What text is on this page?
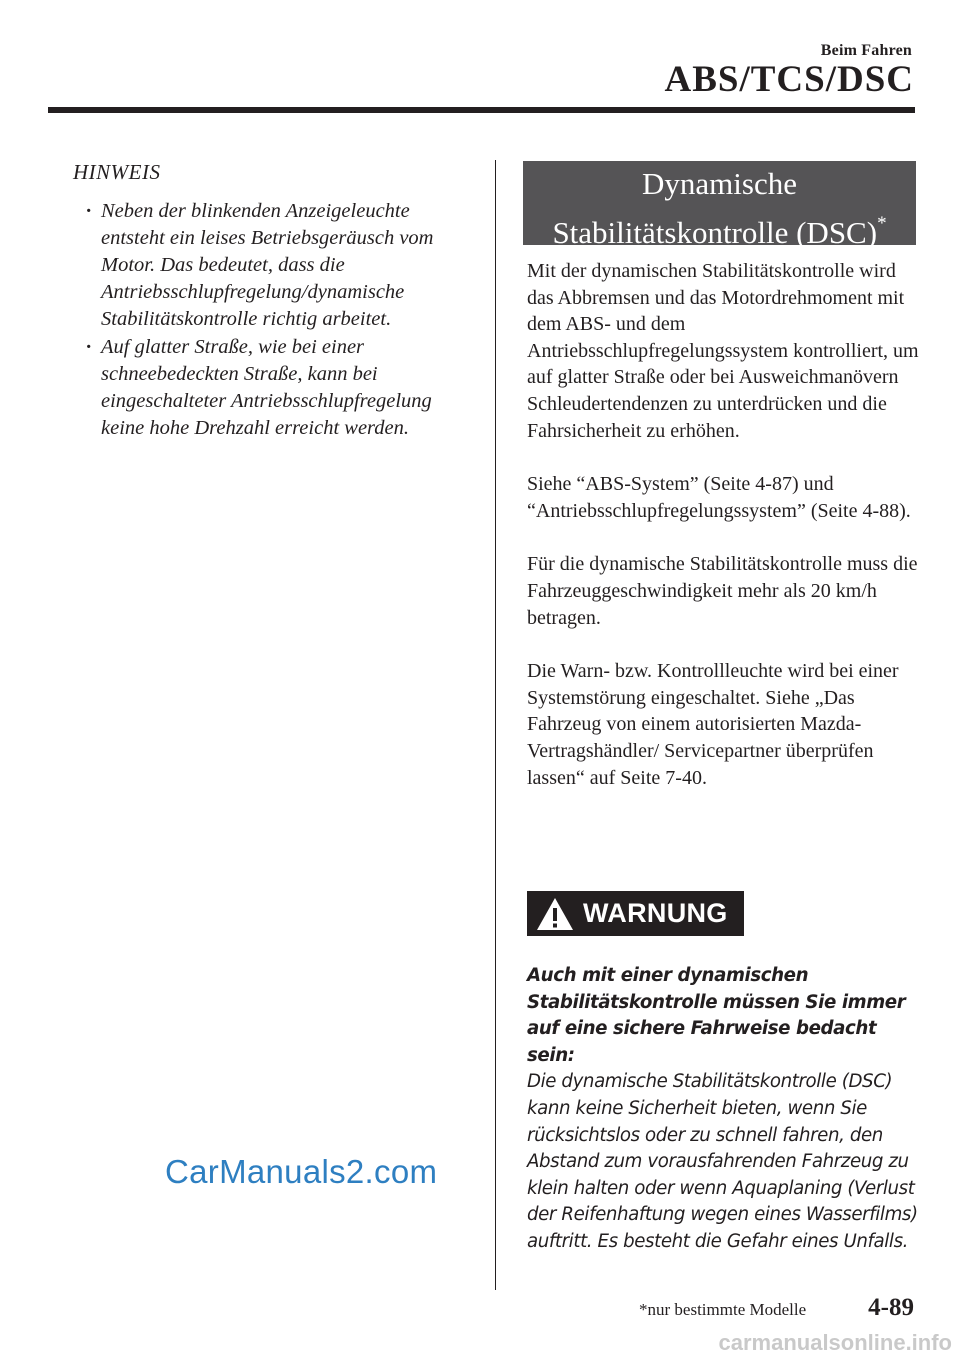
Beim Fahren
ABS/TCS/DSC
HINWEIS
· Neben der blinkenden Anzeigeleuchte entsteht ein leises Betriebsgeräusch vom Motor. Das bedeutet, dass die Antriebsschlupfregelung/dynamische Stabilitätskontrolle richtig arbeitet.
· Auf glatter Straße, wie bei einer schneebedeckten Straße, kann bei eingeschalteter Antriebsschlupfregelung keine hohe Drehzahl erreicht werden.
Dynamische
Stabilitätskontrolle (DSC)*

Mit der dynamischen Stabilitätskontrolle wird das Abbremsen und das Motordrehmoment mit dem ABS- und dem Antriebsschlupfregelungssystem kontrolliert, um auf glatter Straße oder bei Ausweichmanövern Schleudertendenzen zu unterdrücken und die Fahrsicherheit zu erhöhen.

Siehe “ABS-System” (Seite 4-87) und “Antriebsschlupfregelungssystem” (Seite 4-88).

Für die dynamische Stabilitätskontrolle muss die Fahrzeuggeschwindigkeit mehr als 20 km/h betragen.

Die Warn- bzw. Kontrollleuchte wird bei einer Systemstörung eingeschaltet. Siehe „Das Fahrzeug von einem autorisierten Mazda-Vertragshändler/ Servicepartner überprüfen lassen“ auf Seite 7-40.

WARNUNG

Auch mit einer dynamischen Stabilitätskontrolle müssen Sie immer auf eine sichere Fahrweise bedacht sein:

Die dynamische Stabilitätskontrolle (DSC) kann keine Sicherheit bieten, wenn Sie rücksichtslos oder zu schnell fahren, den Abstand zum vorausfahrenden Fahrzeug zu klein halten oder wenn Aquaplaning (Verlust der Reifenhaftung wegen eines Wasserfilms) auftritt. Es besteht die Gefahr eines Unfalls.

CarManuals2.com
*nur bestimmte Modelle 4-89
carmanualsonline.info
